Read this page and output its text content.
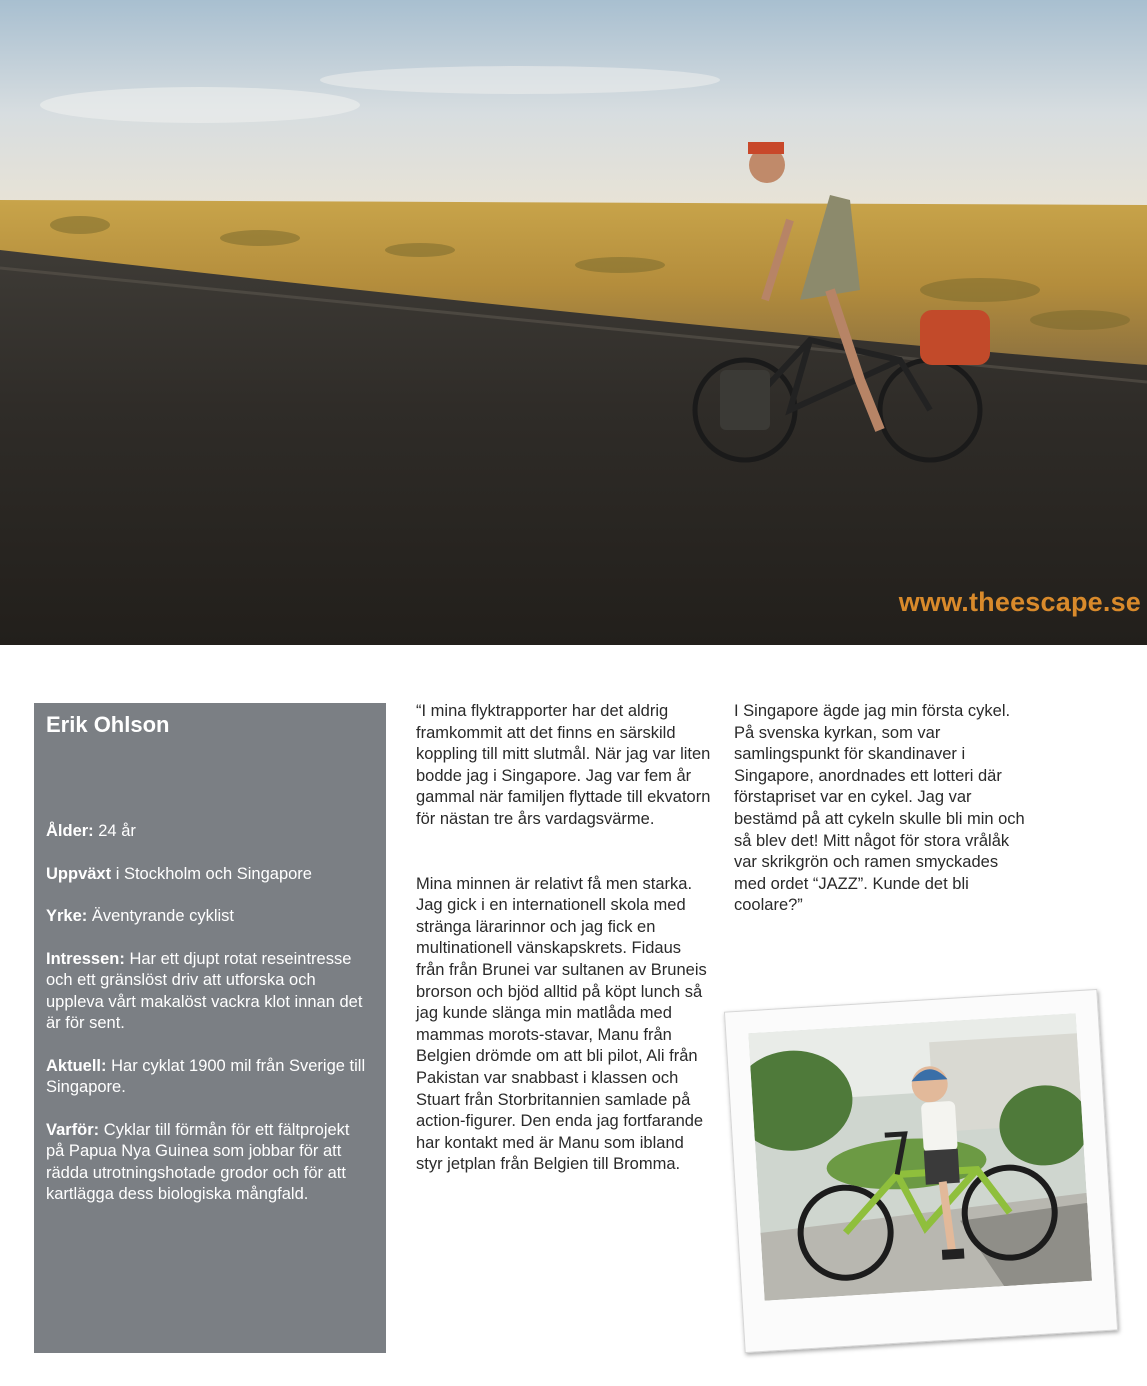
www.theescape.se
Erik Ohlson

Ålder: 24 år

Uppväxt i Stockholm och Singapore

Yrke: Äventyrande cyklist

Intressen: Har ett djupt rotat reseintresse och ett gränslöst driv att utforska och uppleva vårt makalöst vackra klot innan det är för sent.

Aktuell: Har cyklat 1900 mil från Sverige till Singapore.

Varför: Cyklar till förmån för ett fältprojekt på Papua Nya Guinea som jobbar för att rädda utrotningshotade grodor och för att kartlägga dess biologiska mångfald.

“I mina flyktrapporter har det aldrig framkommit att det finns en särskild koppling till mitt slutmål. När jag var liten bodde jag i Singapore. Jag var fem år gammal när familjen flyttade till ekvatorn för nästan tre års vardagsvärme.

Mina minnen är relativt få men starka. Jag gick i en internationell skola med stränga lärarinnor och jag fick en multinationell vänskapskrets. Fidaus från från Brunei var sultanen av Bruneis brorson och bjöd alltid på köpt lunch så jag kunde slänga min matlåda med mammas morots-stavar, Manu från Belgien drömde om att bli pilot, Ali från Pakistan var snabbast i klassen och Stuart från Storbritannien samlade på action-figurer. Den enda jag fortfarande har kontakt med är Manu som ibland styr jetplan från Belgien till Bromma.

I Singapore ägde jag min första cykel. På svenska kyrkan, som var samlingspunkt för skandinaver i Singapore, anordnades ett lotteri där förstapriset var en cykel. Jag var bestämd på att cykeln skulle bli min och så blev det! Mitt något för stora vrålåk var skrikgrön och ramen smyckades med ordet “JAZZ”. Kunde det bli coolare?”
